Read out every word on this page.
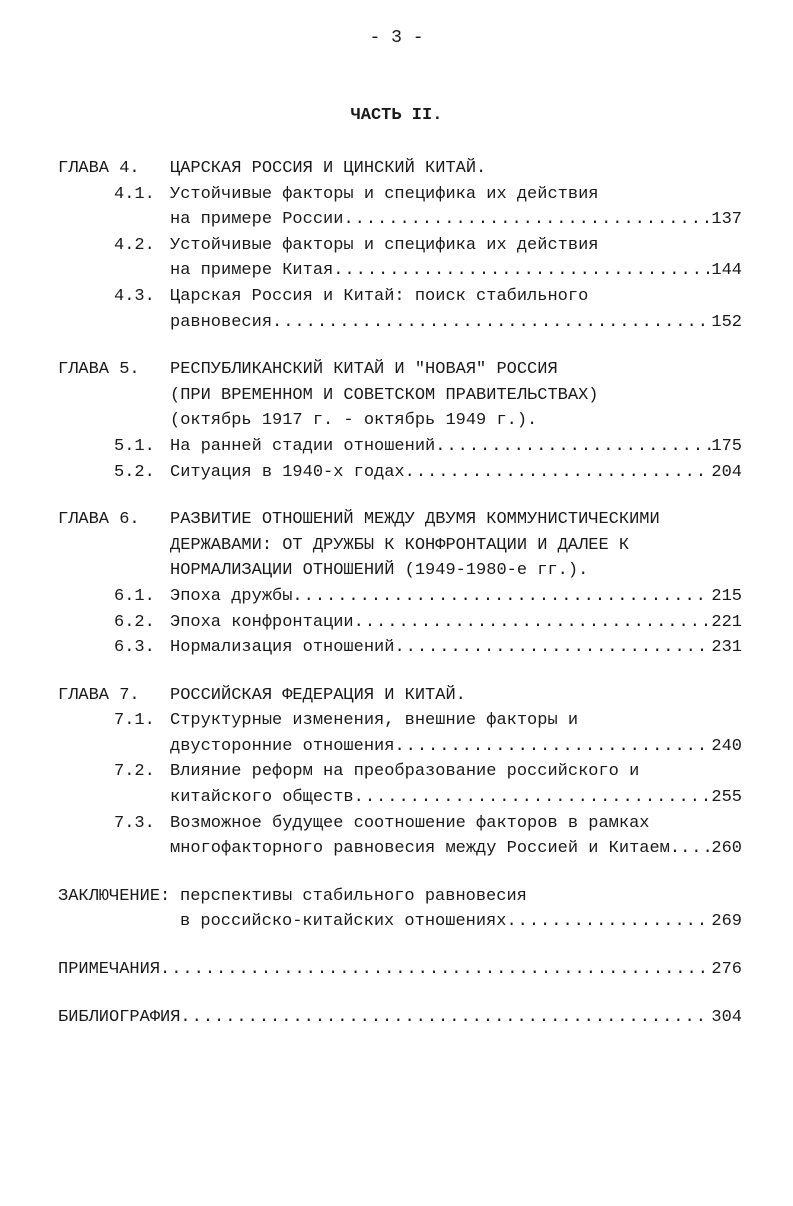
- 3 -
ЧАСТЬ II.
ГЛАВА 4.	ЦАРСКАЯ РОССИЯ И ЦИНСКИЙ КИТАЙ.
4.1. Устойчивые факторы и специфика их действия
на примере России .....	137
4.2. Устойчивые факторы и специфика их действия
на примере Китая .....	144
4.3. Царская Россия и Китай: поиск стабильного
равновесия .....	152
ГЛАВА 5.	РЕСПУБЛИКАНСКИЙ КИТАЙ И "НОВАЯ" РОССИЯ
(ПРИ ВРЕМЕННОМ И СОВЕТСКОМ ПРАВИТЕЛЬСТВАХ)
(октябрь 1917 г. - октябрь 1949 г.).
5.1. На ранней стадии отношений .....	175
5.2. Ситуация в 1940-х годах .....	204
ГЛАВА 6.	РАЗВИТИЕ ОТНОШЕНИЙ МЕЖДУ ДВУМЯ КОММУНИСТИЧЕСКИМИ
ДЕРЖАВАМИ: ОТ ДРУЖБЫ К КОНФРОНТАЦИИ И ДАЛЕЕ К
НОРМАЛИЗАЦИИ ОТНОШЕНИЙ (1949-1980-е гг.).
6.1. Эпоха дружбы .....	215
6.2. Эпоха конфронтации .....	221
6.3. Нормализация отношений .....	231
ГЛАВА 7.	РОССИЙСКАЯ ФЕДЕРАЦИЯ И КИТАЙ.
7.1. Структурные изменения, внешние факторы и
двусторонние отношения .....	240
7.2. Влияние реформ на преобразование российского и
китайского обществ .....	255
7.3. Возможное будущее соотношение факторов в рамках
многофакторного равновесия между Россией и Китаем. ..... 260
ЗАКЛЮЧЕНИЕ: перспективы стабильного равновесия
в российско-китайских отношениях .....	269
ПРИМЕЧАНИЯ .....	276
БИБЛИОГРАФИЯ .....	304
